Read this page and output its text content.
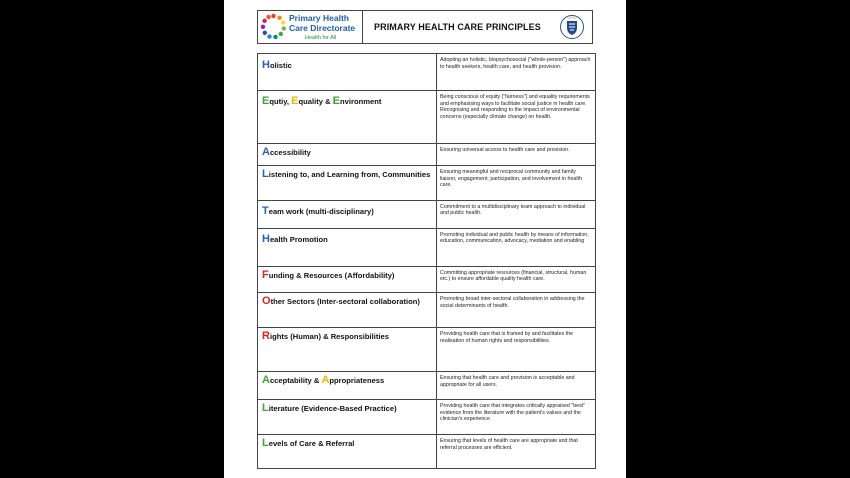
Primary Health
Care Directorate
Health for All
PRIMARY HEALTH CARE PRINCIPLES
Holistic	Adopting an holistic, biopsychosocial ("whole-person") approach to health seekers, health care, and health provision.

Equtiy, Equality & Environment	Being conscious of equity ("fairness") and equality requirements and emphasising ways to facilitate social justice in health care. Recognising and responding to the impact of environmental concerns (especially climate change) on health.

Accessibility	Ensuring universal access to health care and provision.

Listening to, and Learning from, Communities	Ensuring meaningful and reciprocal community and family liaison, engagement, participation, and involvement in health care.

Team work (multi-disciplinary)	Commitment to a multidisciplinary team approach to individual and public health.

Health Promotion	Promoting individual and public health by means of information, education, communication, advocacy, mediation and enabling

Funding & Resources (Affordability)	Committing appropriate resources (financial, structural, human etc.) to ensure affordable quality health care.

Other Sectors (Inter-sectoral collaboration)	Promoting broad inter-sectoral collaboration in addressing the social determinants of health.

Rights (Human) & Responsibilities	Providing health care that is framed by and facilitates the realisation of human rights and responsibilities.

Acceptability & Appropriateness	Ensuring that health care and provision is acceptable and appropriate for all users.

Literature (Evidence-Based Practice)	Providing health care that integrates critically appraised "best" evidence from the literature with the patient's values and the clinician's experience

Levels of Care & Referral	Ensuring that levels of health care are appropriate and that referral processes are efficient.
